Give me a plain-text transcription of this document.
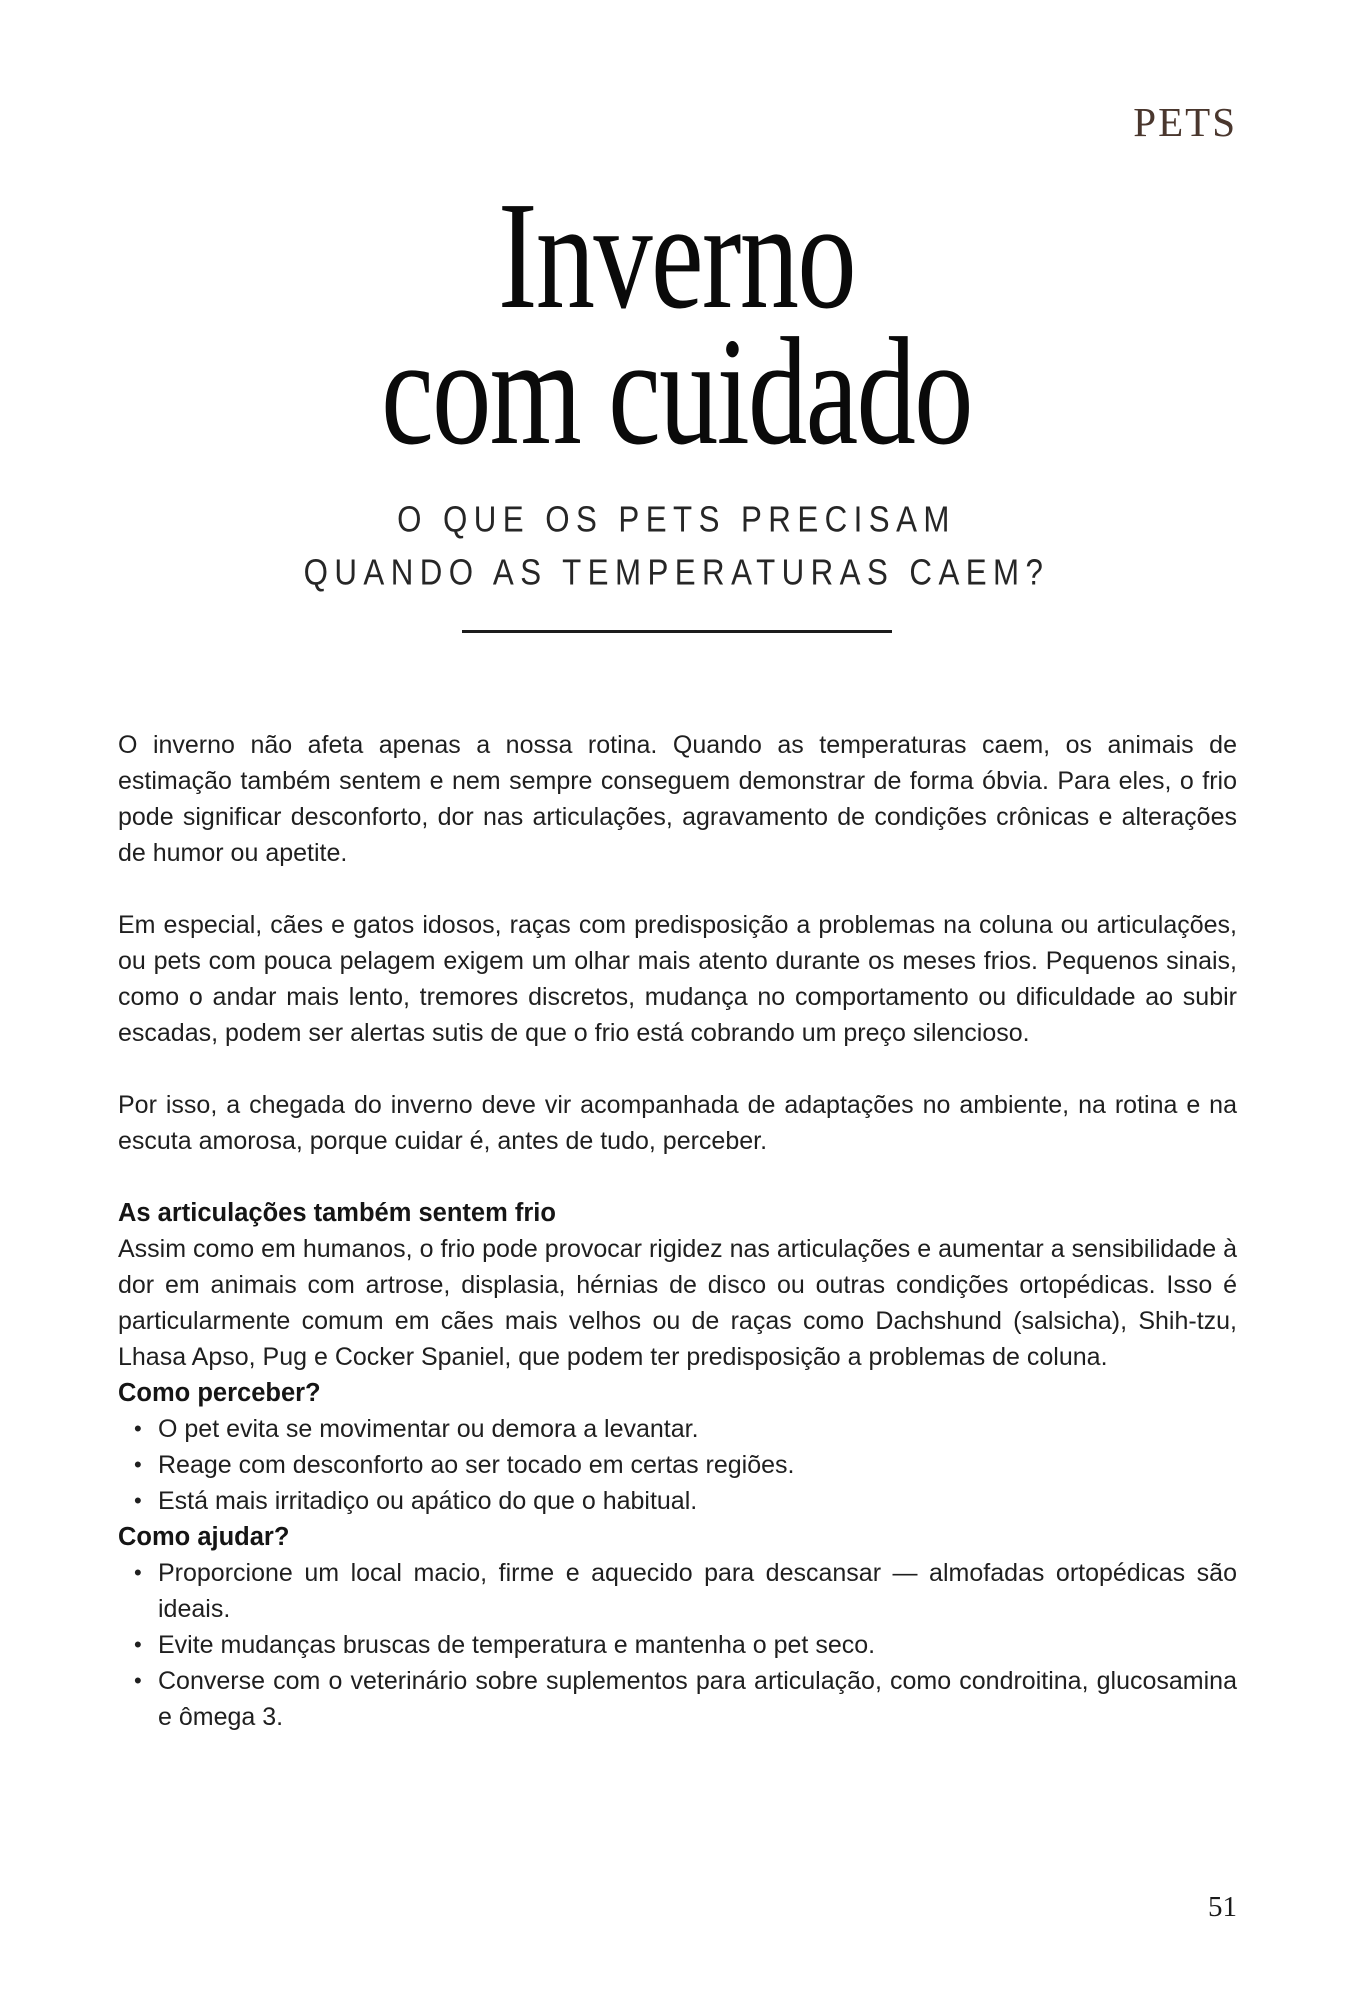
PETS
Inverno
com cuidado
O QUE OS PETS PRECISAM
QUANDO AS TEMPERATURAS CAEM?

O inverno não afeta apenas a nossa rotina. Quando as temperaturas caem, os animais de estimação também sentem e nem sempre conseguem demonstrar de forma óbvia. Para eles, o frio pode significar desconforto, dor nas articulações, agravamento de condições crônicas e alterações de humor ou apetite.

Em especial, cães e gatos idosos, raças com predisposição a problemas na coluna ou articulações, ou pets com pouca pelagem exigem um olhar mais atento durante os meses frios. Pequenos sinais, como o andar mais lento, tremores discretos, mudança no comportamento ou dificuldade ao subir escadas, podem ser alertas sutis de que o frio está cobrando um preço silencioso.

Por isso, a chegada do inverno deve vir acompanhada de adaptações no ambiente, na rotina e na escuta amorosa, porque cuidar é, antes de tudo, perceber.

As articulações também sentem frio

Assim como em humanos, o frio pode provocar rigidez nas articulações e aumentar a sensibilidade à dor em animais com artrose, displasia, hérnias de disco ou outras condições ortopédicas. Isso é particularmente comum em cães mais velhos ou de raças como Dachshund (salsicha), Shih-tzu, Lhasa Apso, Pug e Cocker Spaniel, que podem ter predisposição a problemas de coluna.

Como perceber?
• O pet evita se movimentar ou demora a levantar.
• Reage com desconforto ao ser tocado em certas regiões.
• Está mais irritadiço ou apático do que o habitual.
Como ajudar?
• Proporcione um local macio, firme e aquecido para descansar — almofadas ortopédicas são ideais.
• Evite mudanças bruscas de temperatura e mantenha o pet seco.
• Converse com o veterinário sobre suplementos para articulação, como condroitina, glucosamina e ômega 3.
51
